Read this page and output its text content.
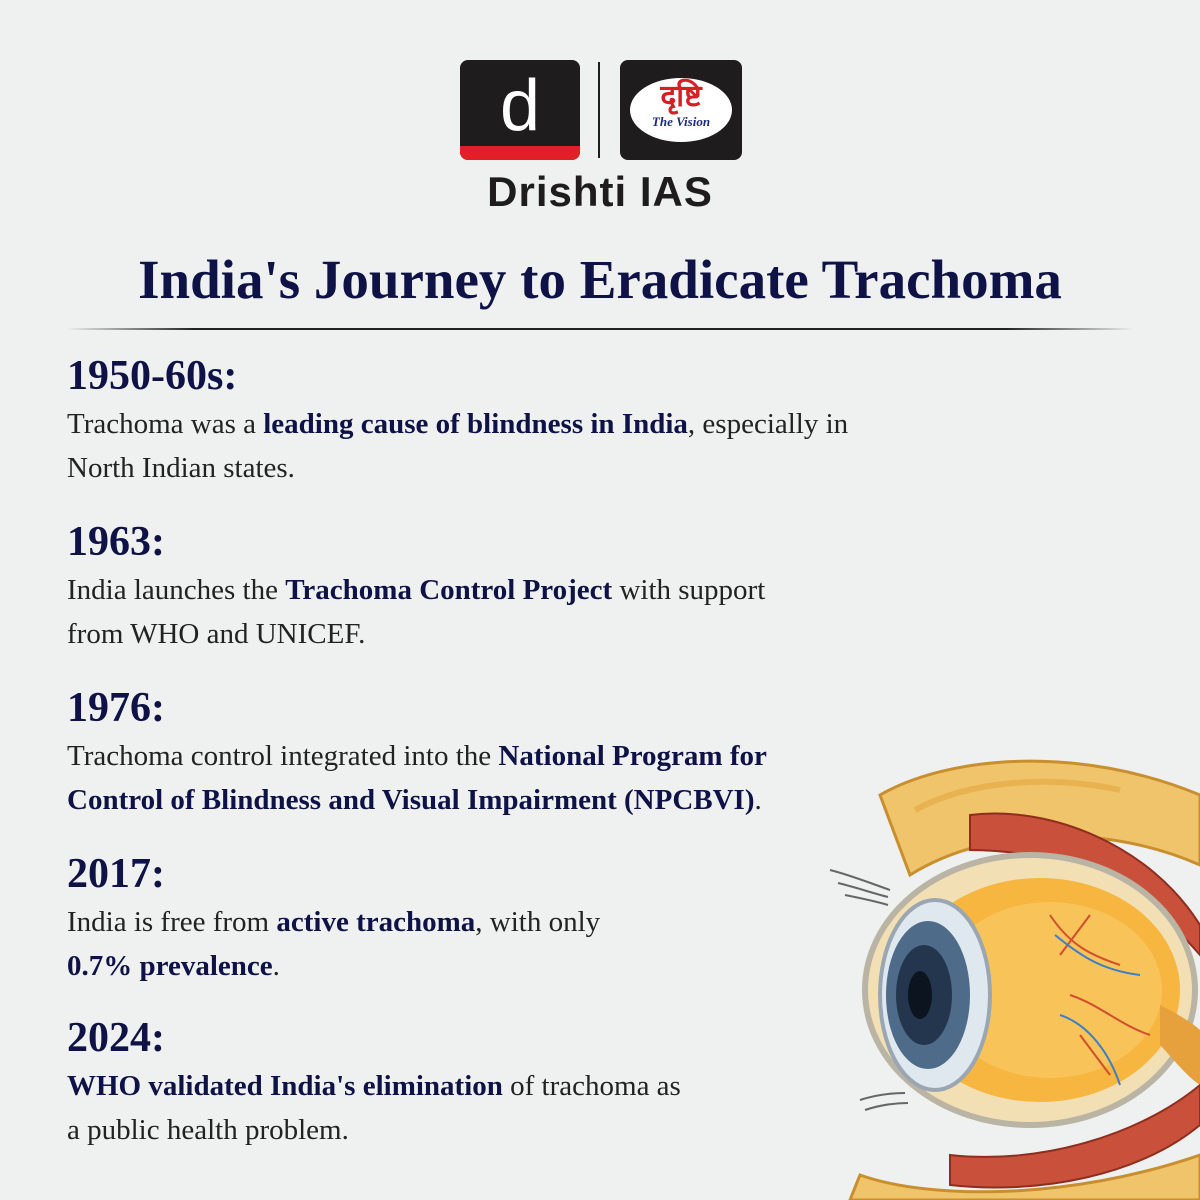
d	दृष्टि
The Vision
Drishti IAS
India's Journey to Eradicate Trachoma

1950-60s:

Trachoma was a leading cause of blindness in India, especially in
North Indian states.

1963:

India launches the Trachoma Control Project with support
from WHO and UNICEF.

1976:

Trachoma control integrated into the National Program for
Control of Blindness and Visual Impairment (NPCBVI).

2017:

India is free from active trachoma, with only
0.7% prevalence.

2024:

WHO validated India's elimination of trachoma as
a public health problem.
